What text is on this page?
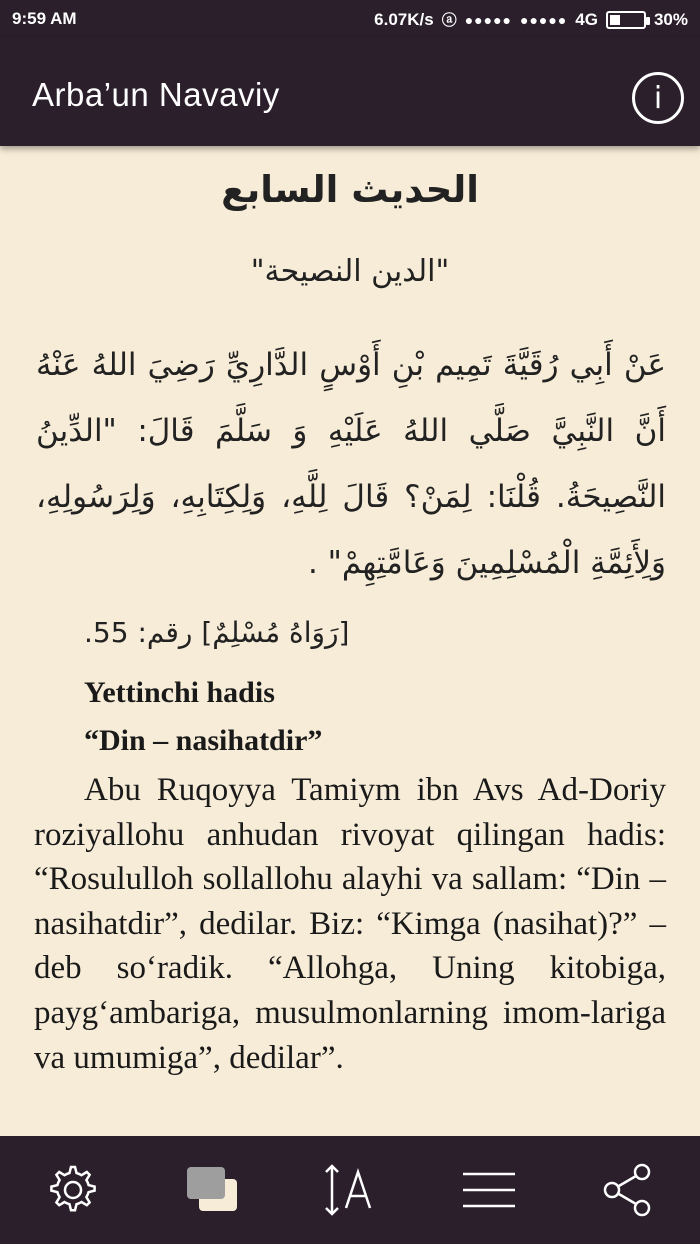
9:59 AM	6.07K/s ⓐ ●●●●● ●●●●● 4G	30%
Arba’un Navaviy	i
الحديث السابع
"الدين النصيحة"
عَنْ أَبِي رُقَيَّةَ تَمِيم بْنِ أَوْسٍ الدَّارِيِّ رَضِيَ اللهُ عَنْهُ أَنَّ النَّبِيَّ صَلَّي اللهُ عَلَيْهِ وَ سَلَّمَ قَالَ: "الدِّينُ النَّصِيحَةُ. قُلْنَا: لِمَنْ؟ قَالَ لِلَّهِ، وَلِكِتَابِهِ، وَلِرَسُولِهِ، وَلِأَئِمَّةِ الْمُسْلِمِينَ وَعَامَّتِهِمْ" .
[رَوَاهُ مُسْلِمٌ] رقم: 55.
Yettinchi hadis
“Din – nasihatdir”
Abu Ruqoyya Tamiym ibn Avs Ad-Doriy roziyallohu anhudan rivoyat qilingan hadis: “Rosululloh sollallohu alayhi va sallam: “Din – nasihatdir”, dedilar. Biz: “Kimga (nasihat)?” – deb so‘radik. “Allohga, Uning kitobiga, payg‘ambariga, musulmonlarning imom-lariga va umumiga”, dedilar”.
